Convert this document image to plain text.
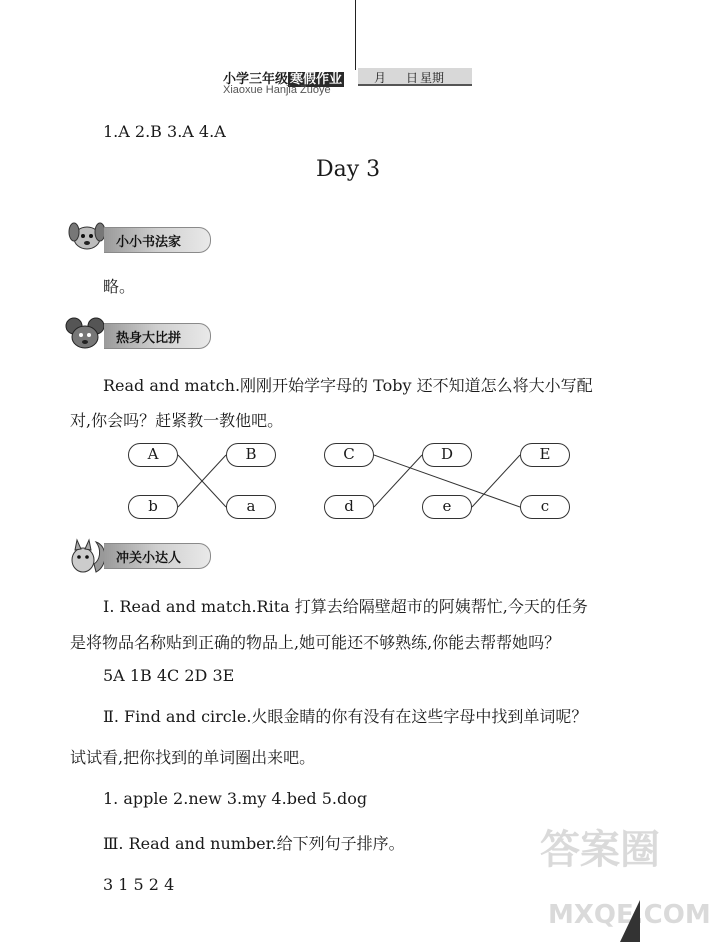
小学三年级 寒假作业	月 日 星期
Xiaoxue Hanjia Zuoye
1.A 2.B 3.A 4.A
Day 3
小小书法家
略。
热身大比拼
Read and match.刚刚开始学字母的 Toby 还不知道怎么将大小写配
对,你会吗？赶紧教一教他吧。
A	B	C	D	E
b	a	d	e	c
冲关小达人
Ⅰ. Read and match.Rita 打算去给隔壁超市的阿姨帮忙,今天的任务
是将物品名称贴到正确的物品上,她可能还不够熟练,你能去帮帮她吗？
5A 1B 4C 2D 3E
Ⅱ. Find and circle.火眼金睛的你有没有在这些字母中找到单词呢？
试试看,把你找到的单词圈出来吧。
1. apple 2.new 3.my 4.bed 5.dog
Ⅲ. Read and number.给下列句子排序。
3 1 5 2 4
答案圈
MXQE.COM
